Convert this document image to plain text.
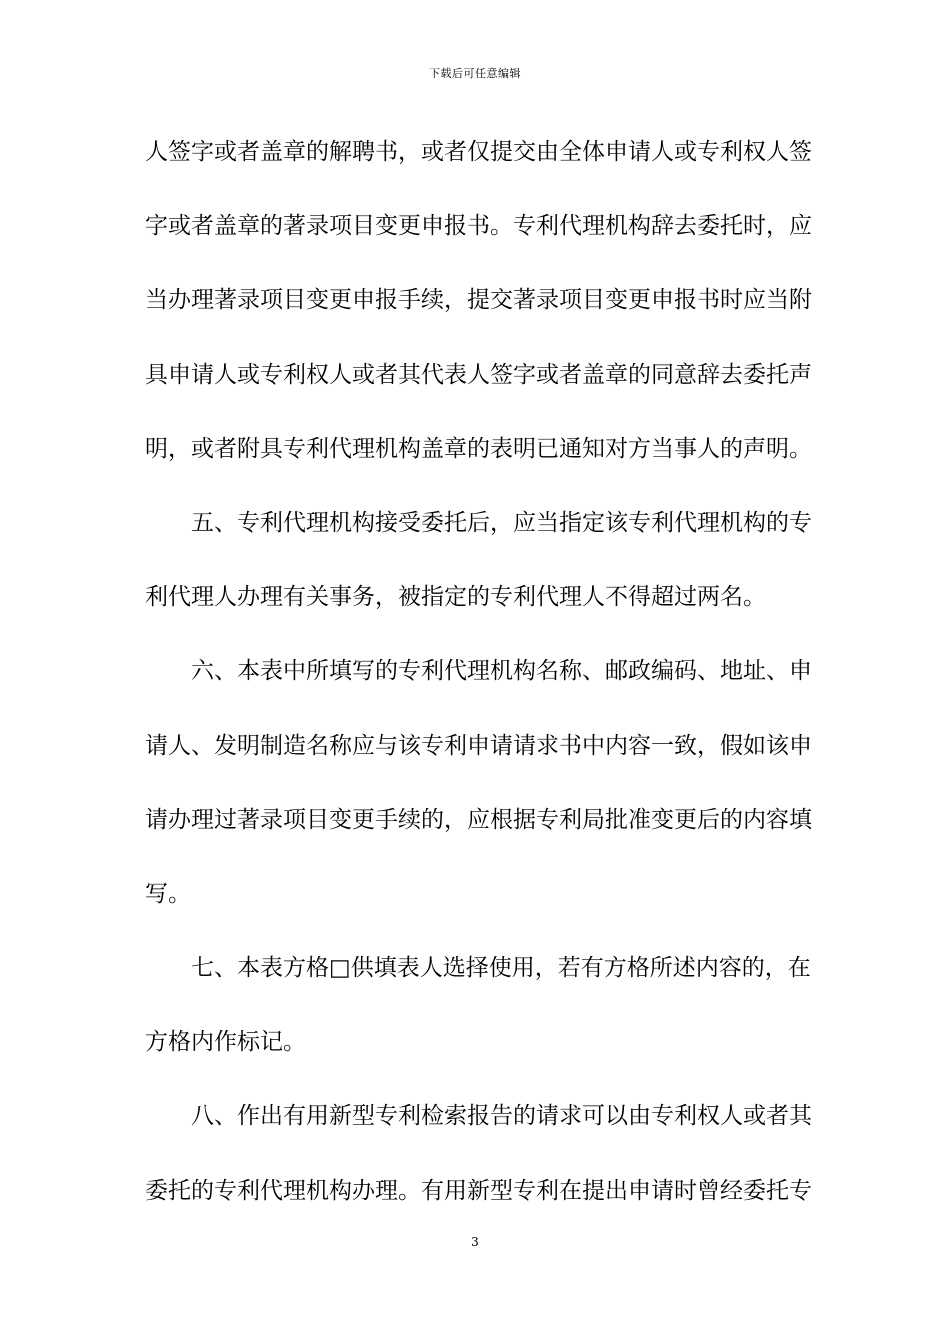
下载后可任意编辑
人签字或者盖章的解聘书，或者仅提交由全体申请人或专利权人签
字或者盖章的著录项目变更申报书。专利代理机构辞去委托时，应
当办理著录项目变更申报手续，提交著录项目变更申报书时应当附
具申请人或专利权人或者其代表人签字或者盖章的同意辞去委托声
明，或者附具专利代理机构盖章的表明已通知对方当事人的声明。
五、专利代理机构接受委托后，应当指定该专利代理机构的专
利代理人办理有关事务，被指定的专利代理人不得超过两名。
六、本表中所填写的专利代理机构名称、邮政编码、地址、申
请人、发明制造名称应与该专利申请请求书中内容一致，假如该申
请办理过著录项目变更手续的，应根据专利局批准变更后的内容填
写。
七、本表方格□供填表人选择使用，若有方格所述内容的，在
方格内作标记。
八、作出有用新型专利检索报告的请求可以由专利权人或者其
委托的专利代理机构办理。有用新型专利在提出申请时曾经委托专
3
